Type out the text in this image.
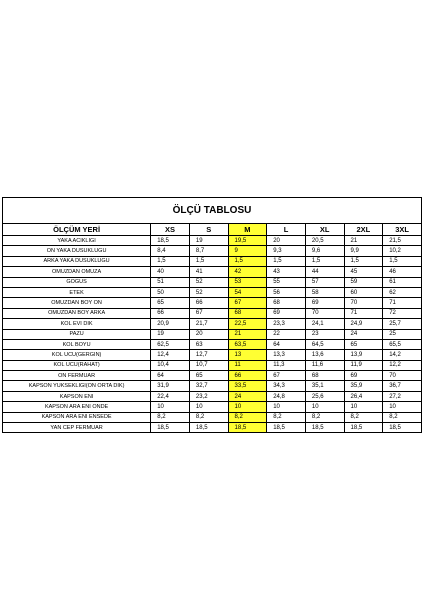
ÖLÇÜ TABLOSU
ÖLÇÜM YERİ	XS	S	M	L	XL	2XL	3XL
YAKA ACIKLIGI	18,5	19	19,5	20	20,5	21	21,5
ON YAKA DUSUKLUGU	8,4	8,7	9	9,3	9,6	9,9	10,2
ARKA YAKA DUSUKLUGU	1,5	1,5	1,5	1,5	1,5	1,5	1,5
OMUZDAN OMUZA	40	41	42	43	44	45	46
GOGUS	51	52	53	55	57	59	61
ETEK	50	52	54	56	58	60	62
OMUZDAN BOY ON	65	66	67	68	69	70	71
OMUZDAN BOY ARKA	66	67	68	69	70	71	72
KOL EVI DIK	20,9	21,7	22,5	23,3	24,1	24,9	25,7
PAZU	19	20	21	22	23	24	25
KOL BOYU	62,5	63	63,5	64	64,5	65	65,5
KOL UCU(GERGIN)	12,4	12,7	13	13,3	13,6	13,9	14,2
KOL UCU(RAHAT)	10,4	10,7	11	11,3	11,6	11,9	12,2
ON FERMUAR	64	65	66	67	68	69	70
KAPSON YUKSEKLIGI(ON ORTA DIK)	31,9	32,7	33,5	34,3	35,1	35,9	36,7
KAPSON ENI	22,4	23,2	24	24,8	25,6	26,4	27,2
KAPSON ARA ENI ONDE	10	10	10	10	10	10	10
KAPSON ARA ENI ENSEDE	8,2	8,2	8,2	8,2	8,2	8,2	8,2
YAN CEP FERMUAR	18,5	18,5	18,5	18,5	18,5	18,5	18,5
